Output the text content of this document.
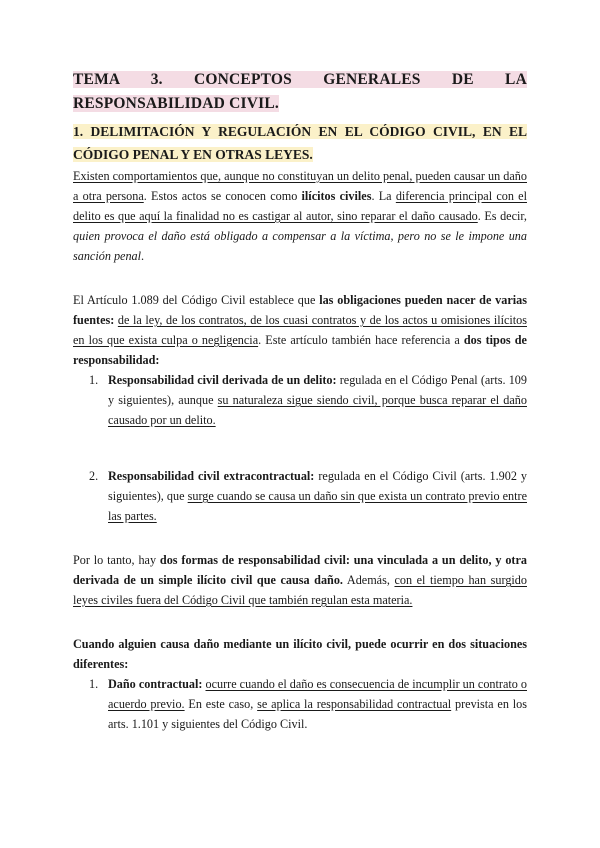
TEMA 3. CONCEPTOS GENERALES DE LA RESPONSABILIDAD CIVIL.
1. DELIMITACIÓN Y REGULACIÓN EN EL CÓDIGO CIVIL, EN EL CÓDIGO PENAL Y EN OTRAS LEYES.

Existen comportamientos que, aunque no constituyan un delito penal, pueden causar un daño a otra persona. Estos actos se conocen como ilícitos civiles. La diferencia principal con el delito es que aquí la finalidad no es castigar al autor, sino reparar el daño causado. Es decir, quien provoca el daño está obligado a compensar a la víctima, pero no se le impone una sanción penal.

El Artículo 1.089 del Código Civil establece que las obligaciones pueden nacer de varias fuentes: de la ley, de los contratos, de los cuasi contratos y de los actos u omisiones ilícitos en los que exista culpa o negligencia. Este artículo también hace referencia a dos tipos de responsabilidad:

1. Responsabilidad civil derivada de un delito: regulada en el Código Penal (arts. 109 y siguientes), aunque su naturaleza sigue siendo civil, porque busca reparar el daño causado por un delito.
2. Responsabilidad civil extracontractual: regulada en el Código Civil (arts. 1.902 y siguientes), que surge cuando se causa un daño sin que exista un contrato previo entre las partes.

Por lo tanto, hay dos formas de responsabilidad civil: una vinculada a un delito, y otra derivada de un simple ilícito civil que causa daño. Además, con el tiempo han surgido leyes civiles fuera del Código Civil que también regulan esta materia.

Cuando alguien causa daño mediante un ilícito civil, puede ocurrir en dos situaciones diferentes:

1. Daño contractual: ocurre cuando el daño es consecuencia de incumplir un contrato o acuerdo previo. En este caso, se aplica la responsabilidad contractual prevista en los arts. 1.101 y siguientes del Código Civil.
